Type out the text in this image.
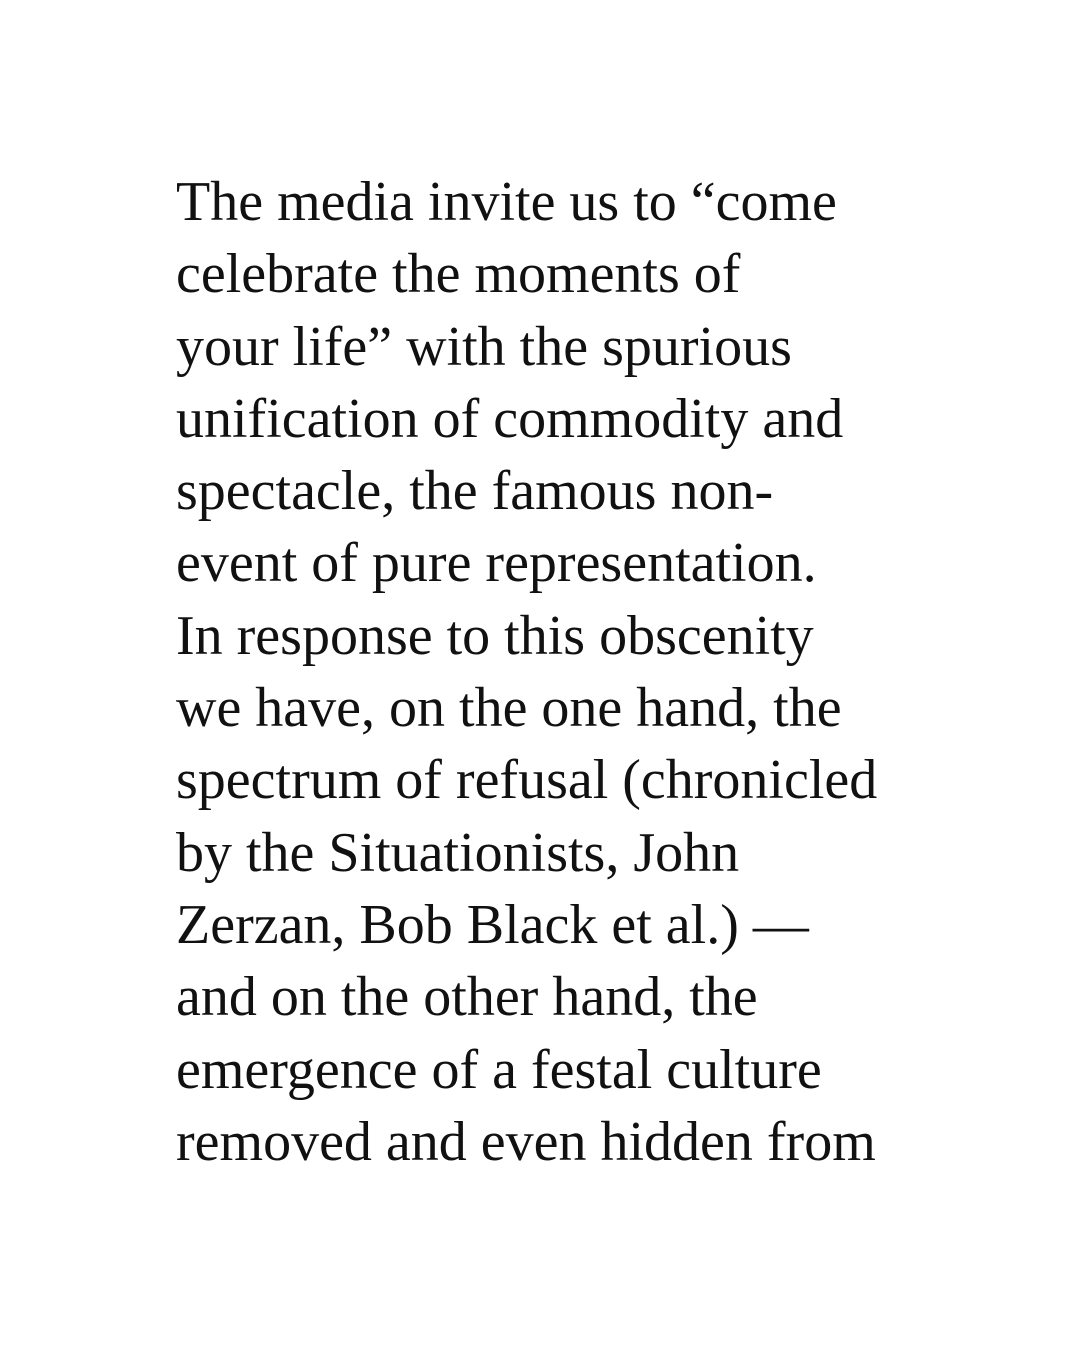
The media invite us to “come
celebrate the moments of
your life” with the spurious
unification of commodity and
spectacle, the famous non-
event of pure representation.
In response to this obscenity
we have, on the one hand, the
spectrum of refusal (chronicled
by the Situationists, John
Zerzan, Bob Black et al.) —
and on the other hand, the
emergence of a festal culture
removed and even hidden from
